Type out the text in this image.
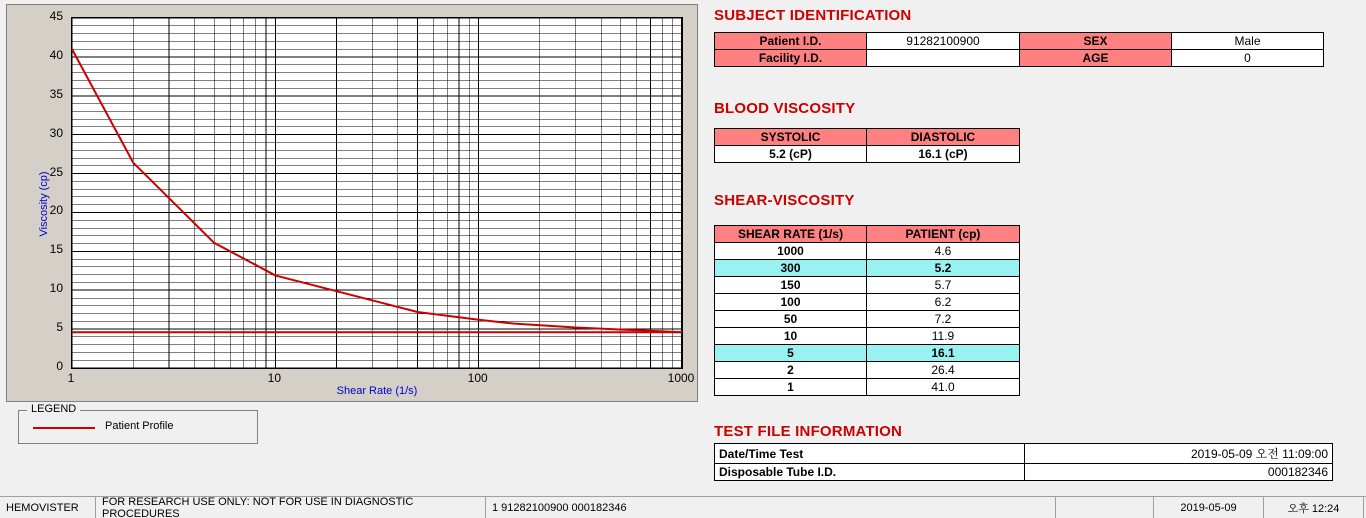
0
5
10
15
20
25
30
35
40
45
1	10	100	1000
Viscosity (cp)
Shear Rate (1/s)
LEGEND
Patient Profile
SUBJECT IDENTIFICATION
Patient I.D.	91282100900	SEX	Male
Facility I.D.		AGE	0
BLOOD VISCOSITY
SYSTOLIC	DIASTOLIC
5.2 (cP)	16.1 (cP)
SHEAR-VISCOSITY
SHEAR RATE (1/s)	PATIENT (cp)
1000	4.6
300	5.2
150	5.7
100	6.2
50	7.2
10	11.9
5	16.1
2	26.4
1	41.0
TEST FILE INFORMATION
Date/Time Test	2019-05-09 오전 11:09:00
Disposable Tube I.D.	000182346
HEMOVISTER	FOR RESEARCH USE ONLY: NOT FOR USE IN DIAGNOSTIC PROCEDURES	1 91282100900 000182346	2019-05-09	오후 12:24
